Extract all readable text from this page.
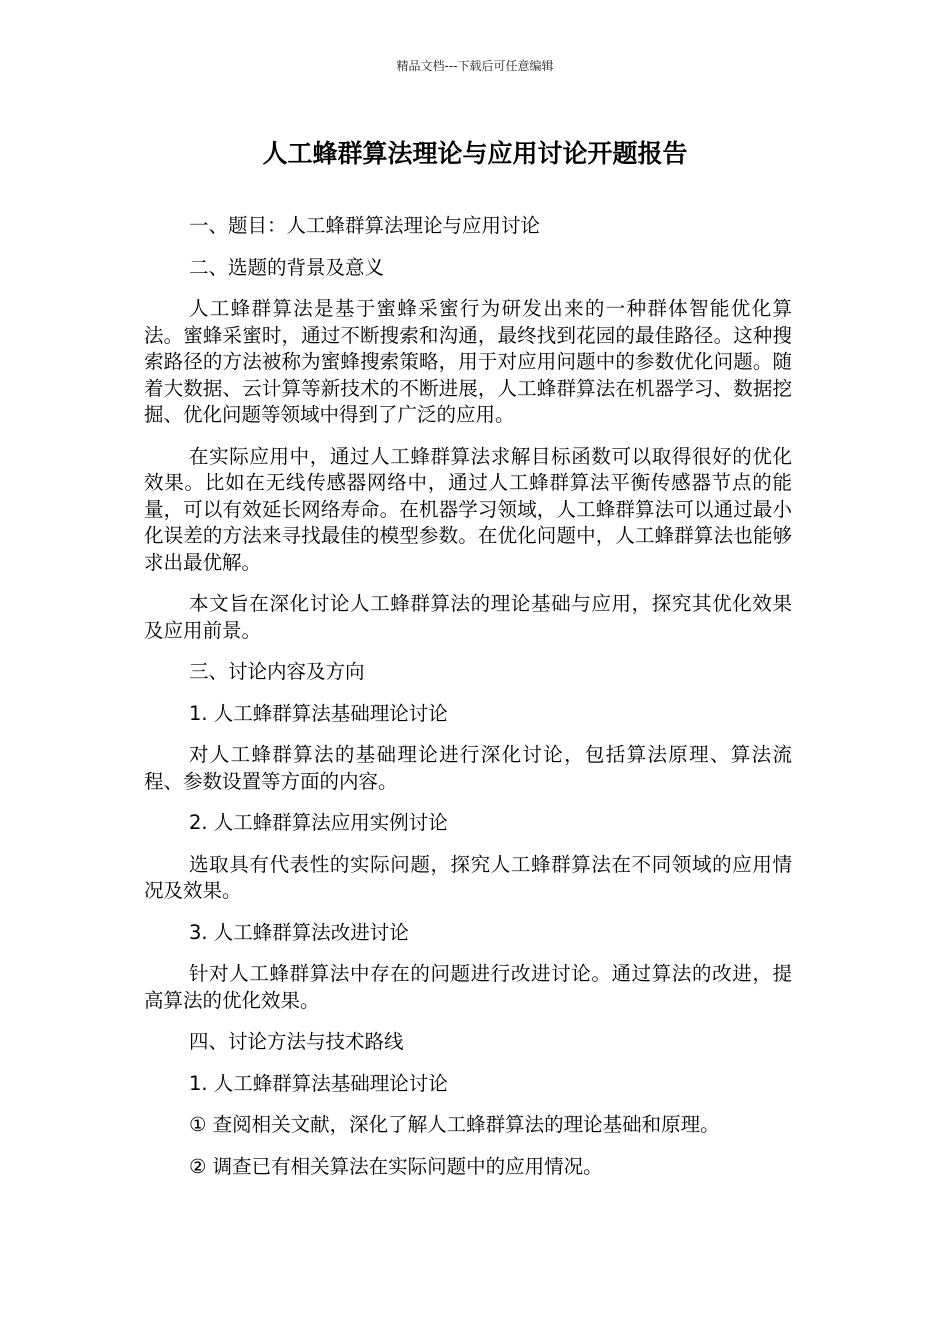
精品文档---下载后可任意编辑
人工蜂群算法理论与应用讨论开题报告

一、题目：人工蜂群算法理论与应用讨论

二、选题的背景及意义

人工蜂群算法是基于蜜蜂采蜜行为研发出来的一种群体智能优化算法。蜜蜂采蜜时，通过不断搜索和沟通，最终找到花园的最佳路径。这种搜索路径的方法被称为蜜蜂搜索策略，用于对应用问题中的参数优化问题。随着大数据、云计算等新技术的不断进展，人工蜂群算法在机器学习、数据挖掘、优化问题等领域中得到了广泛的应用。

在实际应用中，通过人工蜂群算法求解目标函数可以取得很好的优化效果。比如在无线传感器网络中，通过人工蜂群算法平衡传感器节点的能量，可以有效延长网络寿命。在机器学习领域，人工蜂群算法可以通过最小化误差的方法来寻找最佳的模型参数。在优化问题中，人工蜂群算法也能够求出最优解。

本文旨在深化讨论人工蜂群算法的理论基础与应用，探究其优化效果及应用前景。

三、讨论内容及方向

1. 人工蜂群算法基础理论讨论

对人工蜂群算法的基础理论进行深化讨论，包括算法原理、算法流程、参数设置等方面的内容。

2. 人工蜂群算法应用实例讨论

选取具有代表性的实际问题，探究人工蜂群算法在不同领域的应用情况及效果。

3. 人工蜂群算法改进讨论

针对人工蜂群算法中存在的问题进行改进讨论。通过算法的改进，提高算法的优化效果。

四、讨论方法与技术路线

1. 人工蜂群算法基础理论讨论

① 查阅相关文献，深化了解人工蜂群算法的理论基础和原理。

② 调查已有相关算法在实际问题中的应用情况。
